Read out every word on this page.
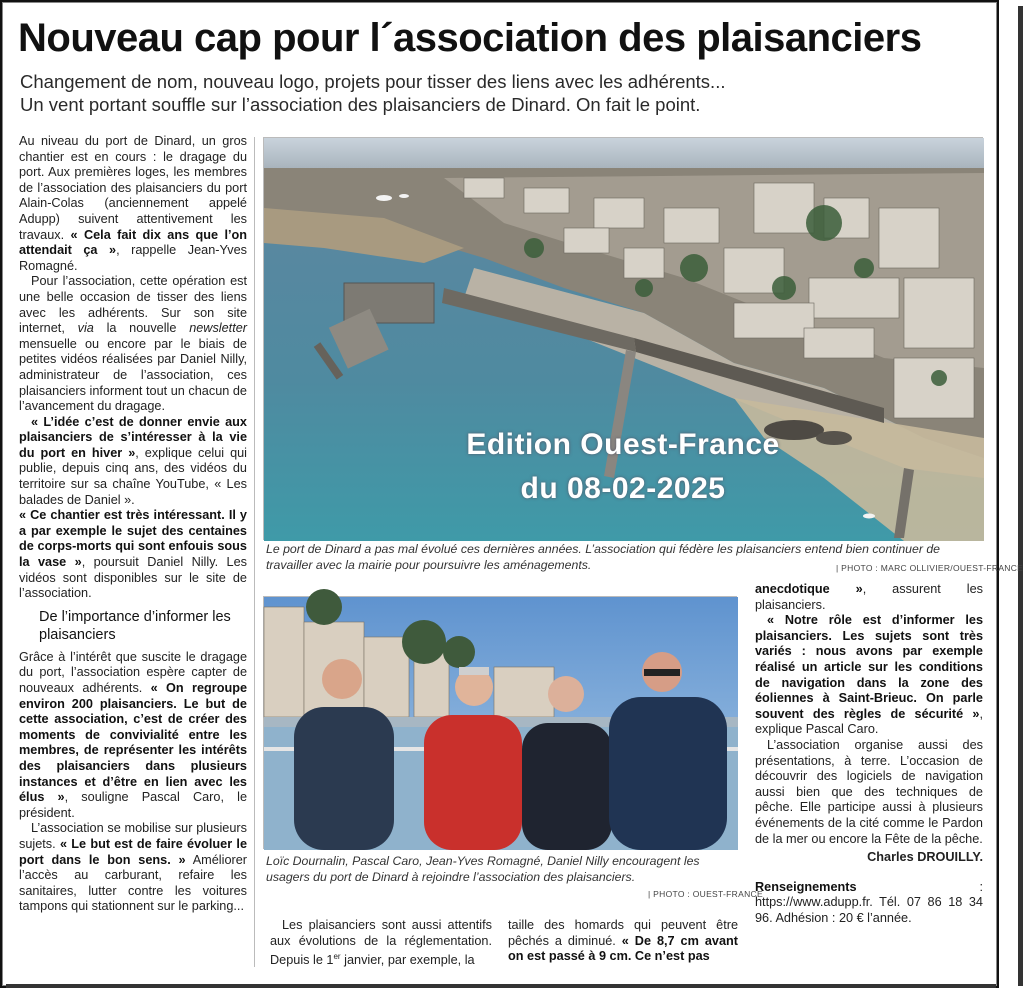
Nouveau cap pour l´association des plaisanciers
Changement de nom, nouveau logo, projets pour tisser des liens avec les adhérents...
Un vent portant souffle sur l’association des plaisanciers de Dinard. On fait le point.

Au niveau du port de Dinard, un gros chantier est en cours : le dragage du port. Aux premières loges, les membres de l’association des plaisanciers du port Alain-Colas (anciennement appelé Adupp) suivent attentivement les travaux. « Cela fait dix ans que l’on attendait ça », rappelle Jean-Yves Romagné.

Pour l’association, cette opération est une belle occasion de tisser des liens avec les adhérents. Sur son site internet, via la nouvelle newsletter mensuelle ou encore par le biais de petites vidéos réalisées par Daniel Nilly, administrateur de l’association, ces plaisanciers informent tout un chacun de l’avancement du dragage.

« L’idée c’est de donner envie aux plaisanciers de s’intéresser à la vie du port en hiver », explique celui qui publie, depuis cinq ans, des vidéos du territoire sur sa chaîne YouTube, « Les balades de Daniel ».

« Ce chantier est très intéressant. Il y a par exemple le sujet des centaines de corps-morts qui sont enfouis sous la vase », poursuit Daniel Nilly. Les vidéos sont disponibles sur le site de l’association.

De l’importance d’informer les plaisanciers

Grâce à l’intérêt que suscite le dragage du port, l’association espère capter de nouveaux adhérents. « On regroupe environ 200 plaisanciers. Le but de cette association, c’est de créer des moments de convivialité entre les membres, de représenter les intérêts des plaisanciers dans plusieurs instances et d’être en lien avec les élus », souligne Pascal Caro, le président.

L’association se mobilise sur plusieurs sujets. « Le but est de faire évoluer le port dans le bon sens. » Améliorer l’accès au carburant, refaire les sanitaires, lutter contre les voitures tampons qui stationnent sur le parking...

Edition Ouest-France
du 08-02-2025
Le port de Dinard a pas mal évolué ces dernières années. L’association qui fédère les plaisanciers entend bien continuer de travailler avec la mairie pour poursuivre les aménagements.	| PHOTO : MARC OLLIVIER/OUEST-FRANCE
Loïc Dournalin, Pascal Caro, Jean-Yves Romagné, Daniel Nilly encouragent les usagers du port de Dinard à rejoindre l’association des plaisanciers.
| PHOTO : OUEST-FRANCE

Les plaisanciers sont aussi attentifs aux évolutions de la réglementation. Depuis le 1er janvier, par exemple, la

taille des homards qui peuvent être pêchés a diminué. « De 8,7 cm avant on est passé à 9 cm. Ce n’est pas

anecdotique », assurent les plaisanciers.

« Notre rôle est d’informer les plaisanciers. Les sujets sont très variés : nous avons par exemple réalisé un article sur les conditions de navigation dans la zone des éoliennes à Saint-Brieuc. On parle souvent des règles de sécurité », explique Pascal Caro.

L’association organise aussi des présentations, à terre. L’occasion de découvrir des logiciels de navigation aussi bien que des techniques de pêche. Elle participe aussi à plusieurs événements de la cité comme le Pardon de la mer ou encore la Fête de la pêche.

Charles DROUILLY.

Renseignements : https://www.adupp.fr. Tél. 07 86 18 34 96. Adhésion : 20 € l’année.
